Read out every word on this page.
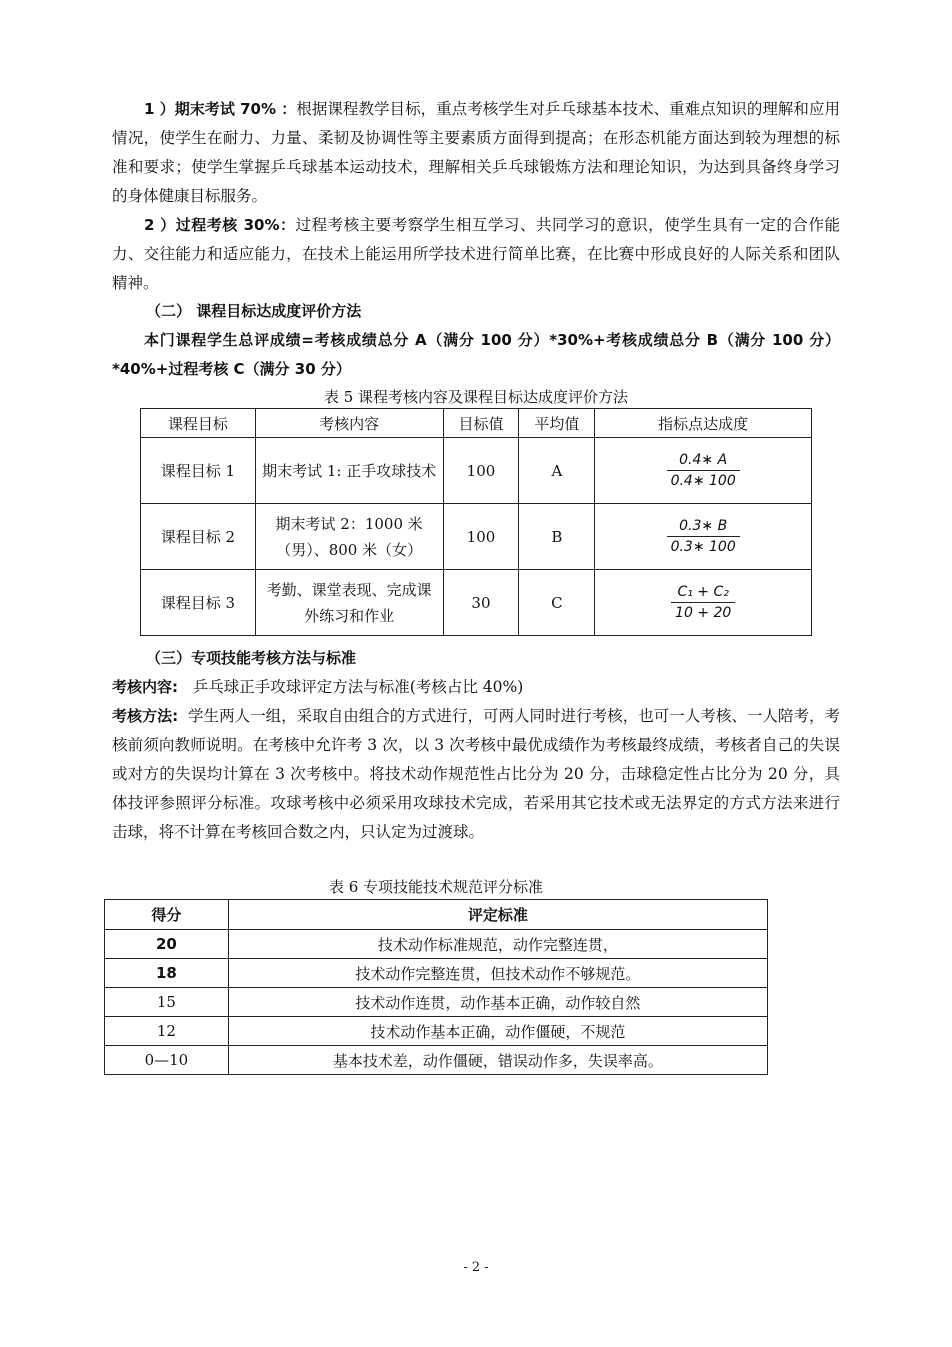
1 ）期末考试 70% ：根据课程教学目标，重点考核学生对乒乓球基本技术、重难点知识的理解和应用情况，使学生在耐力、力量、柔韧及协调性等主要素质方面得到提高；在形态机能方面达到较为理想的标准和要求；使学生掌握乒乓球基本运动技术，理解相关乒乓球锻炼方法和理论知识，为达到具备终身学习的身体健康目标服务。

2 ）过程考核 30%：过程考核主要考察学生相互学习、共同学习的意识，使学生具有一定的合作能力、交往能力和适应能力，在技术上能运用所学技术进行简单比赛，在比赛中形成良好的人际关系和团队精神。

（二） 课程目标达成度评价方法

本门课程学生总评成绩=考核成绩总分 A（满分 100 分）*30%+考核成绩总分 B（满分 100 分）*40%+过程考核 C（满分 30 分）

表 5 课程考核内容及课程目标达成度评价方法
课程目标	考核内容	目标值	平均值	指标点达成度
课程目标 1	期末考试 1: 正手攻球技术	100	A	$\frac{0.4∗ A}{0.4∗ 100}$

课程目标 2	期末考试 2：1000 米（男）、800 米（女）	100	B	$\frac{0.3∗ B}{0.3∗ 100}$

课程目标 3	考勤、课堂表现、完成课外练习和作业	30	C	$\frac{\text{C₁ + C₂}}{10 + 20}$

（三）专项技能考核方法与标准

考核内容: 乒乓球正手攻球评定方法与标准(考核占比 40%)

考核方法: 学生两人一组，采取自由组合的方式进行，可两人同时进行考核，也可一人考核、一人陪考，考核前须向教师说明。在考核中允许考 3 次，以 3 次考核中最优成绩作为考核最终成绩，考核者自己的失误或对方的失误均计算在 3 次考核中。将技术动作规范性占比分为 20 分，击球稳定性占比分为 20 分，具体技评参照评分标准。攻球考核中必须采用攻球技术完成，若采用其它技术或无法界定的方式方法来进行击球，将不计算在考核回合数之内，只认定为过渡球。

表 6 专项技能技术规范评分标准
得分	评定标准
20	技术动作标准规范，动作完整连贯，
18	技术动作完整连贯，但技术动作不够规范。
15	技术动作连贯，动作基本正确，动作较自然
12	技术动作基本正确，动作僵硬，不规范
0—10	基本技术差，动作僵硬，错误动作多，失误率高。
- 2 -
